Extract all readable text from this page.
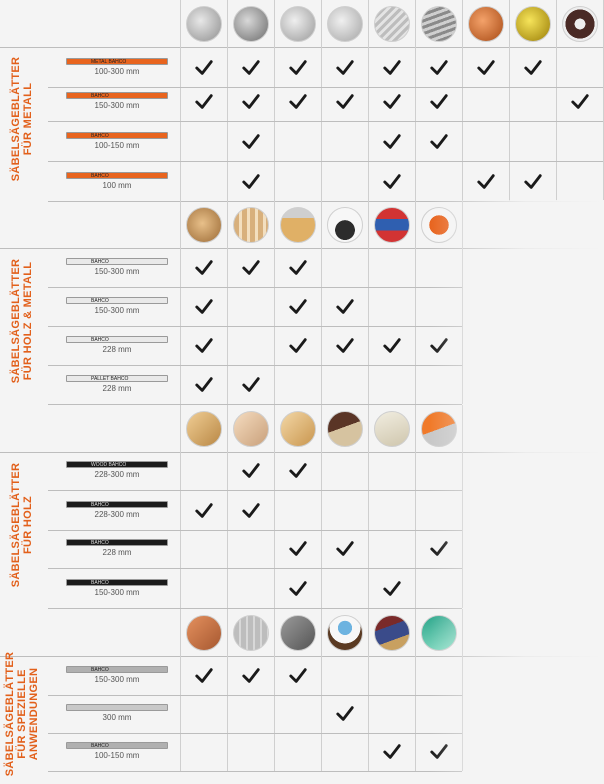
SÄBELSÄGEBLÄTTER FÜR METALL
METAL BAHCO
100-300 mm
BAHCO
150-300 mm
BAHCO
100-150 mm
BAHCO
100 mm
SÄBELSÄGEBLÄTTER FÜR HOLZ & METALL	BAHCO
150-300 mm
BAHCO
150-300 mm
BAHCO
228 mm
PALLET BAHCO
228 mm
SÄBELSÄGEBLÄTTER FÜR HOLZ
WOOD BAHCO
228-300 mm
BAHCO
228-300 mm
BAHCO
228 mm
BAHCO
150-300 mm
SÄBELSÄGEBLÄTTER FÜR SPEZIELLE ANWENDUNGEN	BAHCO
150-300 mm
300 mm
BAHCO
100-150 mm
